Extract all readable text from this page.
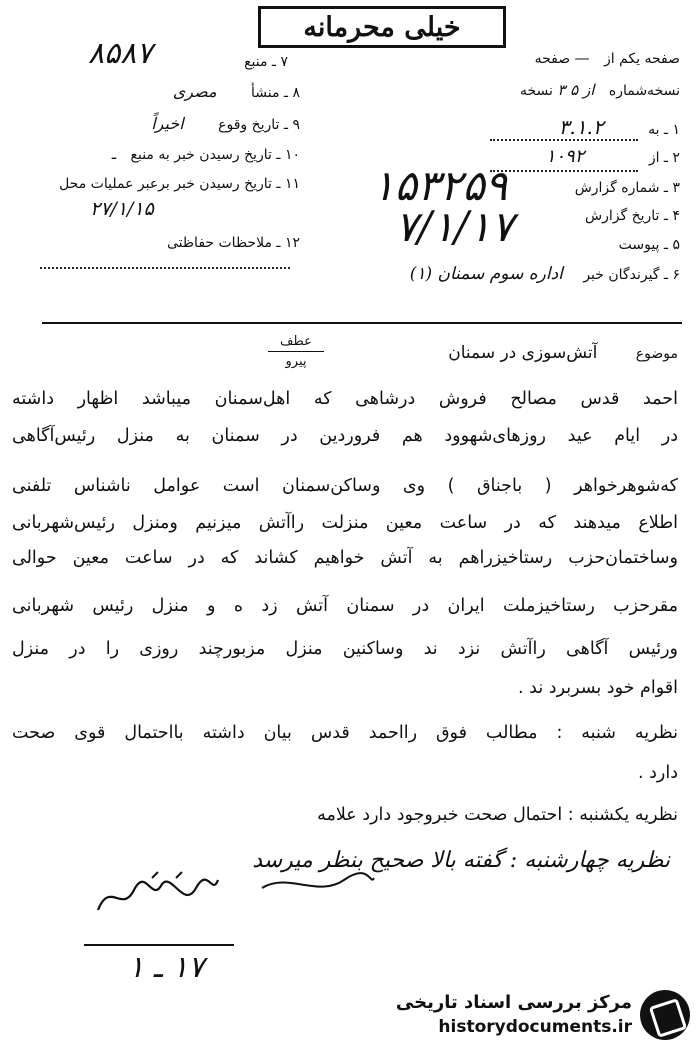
خیلی محرمانه
صفحه یکم از — صفحه
نسخه‌شماره ۳ از ۵ نسخه
۱ ـ به ۳.۱.۲
۲ ـ از ۱۰۹۲
۳ ـ شماره گزارش
۴ ـ تاریخ گزارش
۵ ـ پیوست
۶ ـ گیرندگان خبر (۱) اداره سوم سمنان
۱۵۳۲۵۹
۷/۱/۱۷
۸۵۸۷	۷ ـ منبع
۸ ـ منشأ مصری
۹ ـ تاریخ وقوع اخیراً
۱۰ ـ تاریخ رسیدن خبر به منبع ـ
۱۱ ـ تاریخ رسیدن خبر برعبر عملیات محل
۲۷/۱/۱۵
۱۲ ـ ملاحظات حفاظتی
عطف
پیرو	موضوع آتش‌سوزی در سمنان
احمد قدس مصالح فروش درشاهی که اهل‌سمنان میباشد اظهار داشته
در ایام عید روزهای‌شهوود هم فروردین در سمنان به منزل رئیس‌آگاهی
که‌شوهرخواهر ( باجناق ) وی وساکن‌سمنان است عوامل ناشناس تلفنی
اطلاع میدهند که در ساعت معین منزلت راآتش میزنیم ومنزل رئیس‌شهربانی
وساختمان‌حزب رستاخیزراهم به آتش خواهیم کشاند که در ساعت معین حوالی
مقرحزب رستاخیزملت ایران در سمنان آتش زد ه و منزل رئیس شهربانی
ورئیس آگاهی راآتش نزد ند وساکنین منزل مزبورچند روزی را در منزل
اقوام خود بسربرد ند .
نظریه شنبه : مطالب فوق رااحمد قدس بیان داشته بااحتمال قوی صحت
دارد .
نظریه یکشنبه : احتمال صحت خبروجود دارد علامه
نظریه چهارشنبه : گفته بالا صحیح بنظر میرسد
۱۷ ـ ۱
مرکز بررسی اسناد تاریخی
historydocuments.ir
